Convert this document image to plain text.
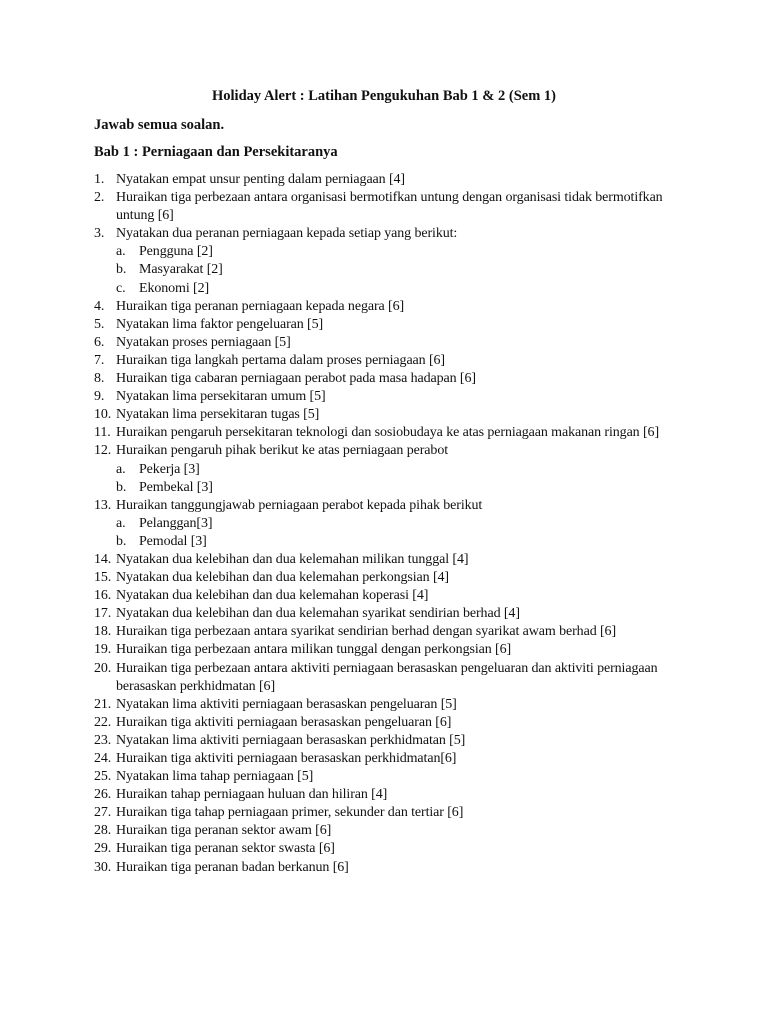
Holiday Alert : Latihan Pengukuhan Bab 1 & 2 (Sem 1)
Jawab semua soalan.
Bab 1 : Perniagaan dan Persekitaranya
1. Nyatakan empat unsur penting dalam perniagaan [4]
2. Huraikan tiga perbezaan antara organisasi bermotifkan untung dengan organisasi tidak bermotifkan untung [6]
3. Nyatakan dua peranan perniagaan kepada setiap yang berikut:
a. Pengguna [2]
b. Masyarakat [2]
c. Ekonomi [2]
4. Huraikan tiga peranan perniagaan kepada negara [6]
5. Nyatakan lima faktor pengeluaran [5]
6. Nyatakan proses perniagaan [5]
7. Huraikan tiga langkah pertama dalam proses perniagaan [6]
8. Huraikan tiga cabaran perniagaan perabot pada masa hadapan [6]
9. Nyatakan lima persekitaran umum [5]
10. Nyatakan lima persekitaran tugas [5]
11. Huraikan pengaruh persekitaran teknologi dan sosiobudaya ke atas perniagaan makanan ringan [6]
12. Huraikan pengaruh pihak berikut ke atas perniagaan perabot
a. Pekerja [3]
b. Pembekal [3]
13. Huraikan tanggungjawab perniagaan perabot kepada pihak berikut
a. Pelanggan[3]
b. Pemodal [3]
14. Nyatakan dua kelebihan dan dua kelemahan milikan tunggal [4]
15. Nyatakan dua kelebihan dan dua kelemahan perkongsian [4]
16. Nyatakan dua kelebihan dan dua kelemahan koperasi [4]
17. Nyatakan dua kelebihan dan dua kelemahan syarikat sendirian berhad [4]
18. Huraikan tiga perbezaan antara syarikat sendirian berhad dengan syarikat awam berhad [6]
19. Huraikan tiga perbezaan antara milikan tunggal dengan perkongsian [6]
20. Huraikan tiga perbezaan antara aktiviti perniagaan berasaskan pengeluaran dan aktiviti perniagaan berasaskan perkhidmatan [6]
21. Nyatakan lima aktiviti perniagaan berasaskan pengeluaran [5]
22. Huraikan tiga aktiviti perniagaan berasaskan pengeluaran [6]
23. Nyatakan lima aktiviti perniagaan berasaskan perkhidmatan [5]
24. Huraikan tiga aktiviti perniagaan berasaskan perkhidmatan[6]
25. Nyatakan lima tahap perniagaan [5]
26. Huraikan tahap perniagaan huluan dan hiliran [4]
27. Huraikan tiga tahap perniagaan primer, sekunder dan tertiar [6]
28. Huraikan tiga peranan sektor awam [6]
29. Huraikan tiga peranan sektor swasta [6]
30. Huraikan tiga peranan badan berkanun [6]
